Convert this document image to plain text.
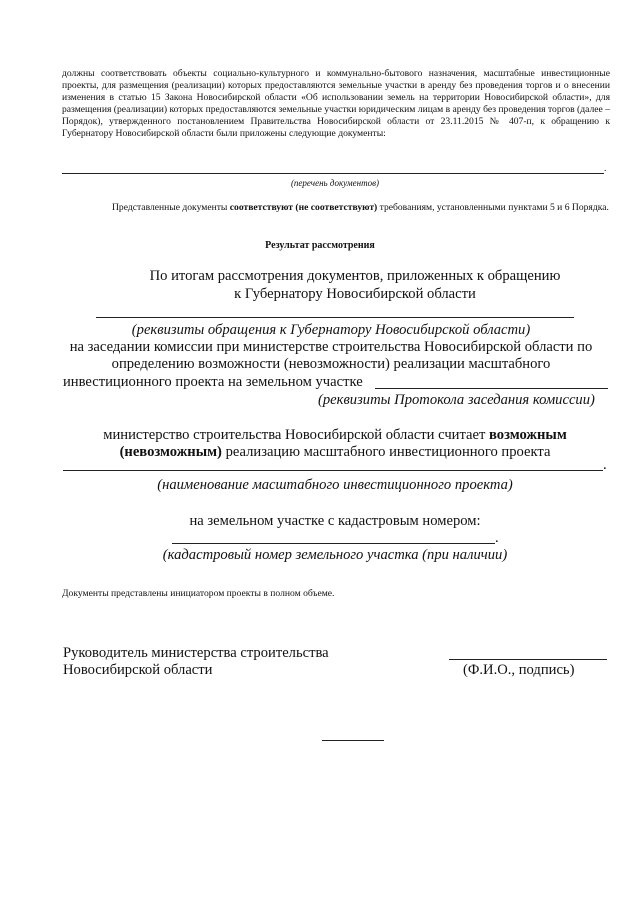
должны соответствовать объекты социально-культурного и коммунально-бытового назначения, масштабные инвестиционные проекты, для размещения (реализации) которых предоставляются земельные участки в аренду без проведения торгов и о внесении изменения в статью 15 Закона Новосибирской области «Об использовании земель на территории Новосибирской области», для размещения (реализации) которых предоставляются земельные участки юридическим лицам в аренду без проведения торгов (далее – Порядок), утвержденного постановлением Правительства Новосибирской области от 23.11.2015 № 407-п, к обращению к Губернатору Новосибирской области были приложены следующие документы:
.
(перечень документов)
Представленные документы соответствуют (не соответствуют) требованиям, установленными пунктами 5 и 6 Порядка.
Результат рассмотрения
По итогам рассмотрения документов, приложенных к обращению
к Губернатору Новосибирской области
(реквизиты обращения к Губернатору Новосибирской области)
на заседании комиссии при министерстве строительства Новосибирской области по
определению возможности (невозможности) реализации масштабного
инвестиционного проекта на земельном участке
(реквизиты Протокола заседания комиссии)
министерство строительства Новосибирской области считает возможным
(невозможным) реализацию масштабного инвестиционного проекта
.
(наименование масштабного инвестиционного проекта)
на земельном участке с кадастровым номером:
.
(кадастровый номер земельного участка (при наличии)
Документы представлены инициатором проекты в полном объеме.
Руководитель министерства строительства
Новосибирской области	(Ф.И.О., подпись)
